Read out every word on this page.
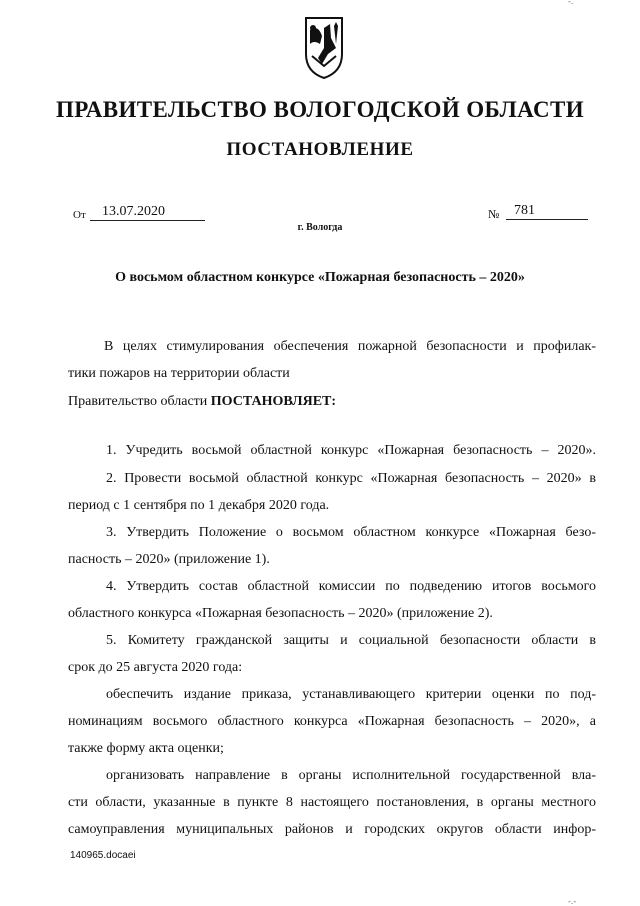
-.
ПРАВИТЕЛЬСТВО ВОЛОГОДСКОЙ ОБЛАСТИ
ПОСТАНОВЛЕНИЕ
От	13.07.2020	№	781
г. Вологда
О восьмом областном конкурсе «Пожарная безопасность – 2020»
В целях стимулирования обеспечения пожарной безопасности и профилак-
тики пожаров на территории области
Правительство области ПОСТАНОВЛЯЕТ:
1. Учредить восьмой областной конкурс «Пожарная безопасность – 2020».
2. Провести восьмой областной конкурс «Пожарная безопасность – 2020» в
период с 1 сентября по 1 декабря 2020 года.
3. Утвердить Положение о восьмом областном конкурсе «Пожарная безо-
пасность – 2020» (приложение 1).
4. Утвердить состав областной комиссии по подведению итогов восьмого
областного конкурса «Пожарная безопасность – 2020» (приложение 2).
5. Комитету гражданской защиты и социальной безопасности области в
срок до 25 августа 2020 года:
обеспечить издание приказа, устанавливающего критерии оценки по под-
номинациям восьмого областного конкурса «Пожарная безопасность – 2020», а
также форму акта оценки;
организовать направление в органы исполнительной государственной вла-
сти области, указанные в пункте 8 настоящего постановления, в органы местного
самоуправления муниципальных районов и городских округов области инфор-
140965.docaei
-.-
